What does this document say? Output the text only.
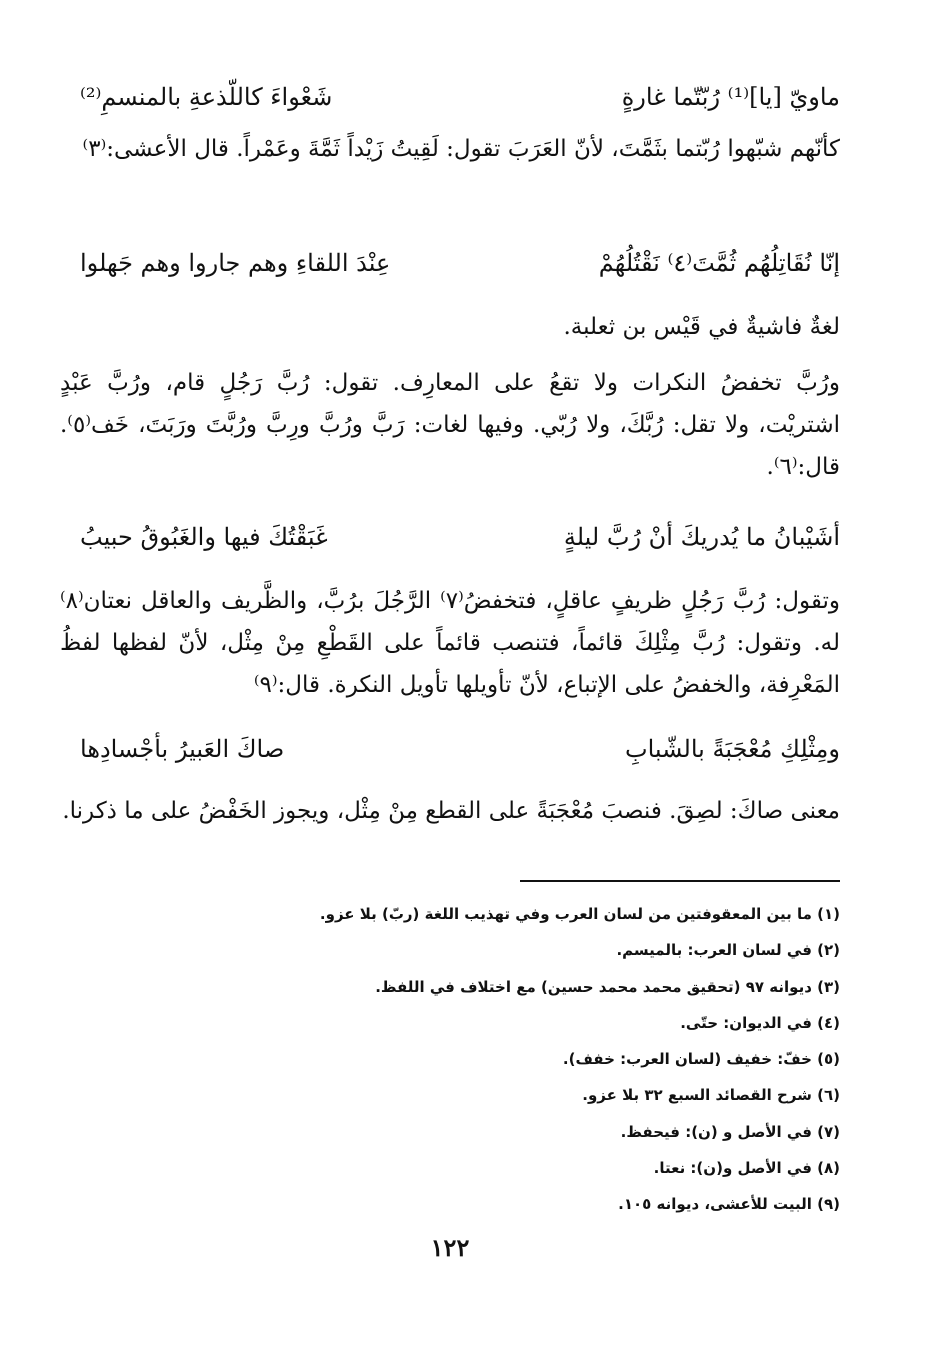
ماويّ [يا]⁽¹⁾ رُبّتّما غارةٍ
شَعْواءَ كاللّذعةِ بالمنسمِ⁽²⁾

كأنّهم شبّهوا رُبّتما بثَمَّتَ، لأنّ العَرَبَ تقول: لَقِيتُ زَيْداً ثَمَّةَ وعَمْراً. قال الأعشى:⁽٣⁾

إنّا نُقَاتِلُهُم ثُمَّتَ⁽٤⁾ نَقْتُلُهُمْ
عِنْدَ اللقاءِ وهم جاروا وهم جَهلوا

لغةٌ فاشيةٌ في قَيْس بن ثعلبة.

ورُبَّ تخفضُ النكرات ولا تقعُ على المعارِف. تقول: رُبَّ رَجُلٍ قام، ورُبَّ عَبْدٍ اشتريْت، ولا تقل: رُبَّكَ، ولا رُبّي. وفيها لغات: رَبَّ ورُبَّ ورِبَّ ورُبَّتَ ورَبَتَ، خَف⁽٥⁾. قال:⁽٦⁾.

أشَيْبانُ ما يُدريكَ أنْ رُبَّ ليلةٍ
غَبَقْتُكَ فيها والغَبُوقُ حبيبُ

وتقول: رُبَّ رَجُلٍ ظريفٍ عاقلٍ، فتخفضُ⁽٧⁾ الرَّجُلَ برُبَّ، والظَّريف والعاقل نعتان⁽٨⁾ له. وتقول: رُبَّ مِثْلِكَ قائماً، فتنصب قائماً على القَطْعِ مِنْ مِثْل، لأنّ لفظها لفظُ المَعْرِفة، والخفضُ على الإتباع، لأنّ تأويلها تأويل النكرة. قال:⁽٩⁾

ومِثْلِكِ مُعْجَبَةً بالشّبابِ
صاكَ العَبيرُ بأجْسادِها

معنى صاكَ: لصِقَ. فنصبَ مُعْجَبَةً على القطع مِنْ مِثْل، ويجوز الخَفْضُ على ما ذكرنا.

(١) ما بين المعقوفتين من لسان العرب وفي تهذيب اللغة (ربّ) بلا عزو.
(٢) في لسان العرب: بالميسم.
(٣) ديوانه ٩٧ (تحقيق محمد محمد حسين) مع اختلاف في اللفظ.
(٤) في الديوان: حتّى.
(٥) خفّ: خفيف (لسان العرب: خفف).
(٦) شرح القصائد السبع ٣٢ بلا عزو.
(٧) في الأصل و (ن): فيحفظ.
(٨) في الأصل و(ن): نعتا.
(٩) البيت للأعشى، ديوانه ١٠٥.
١٢٢
